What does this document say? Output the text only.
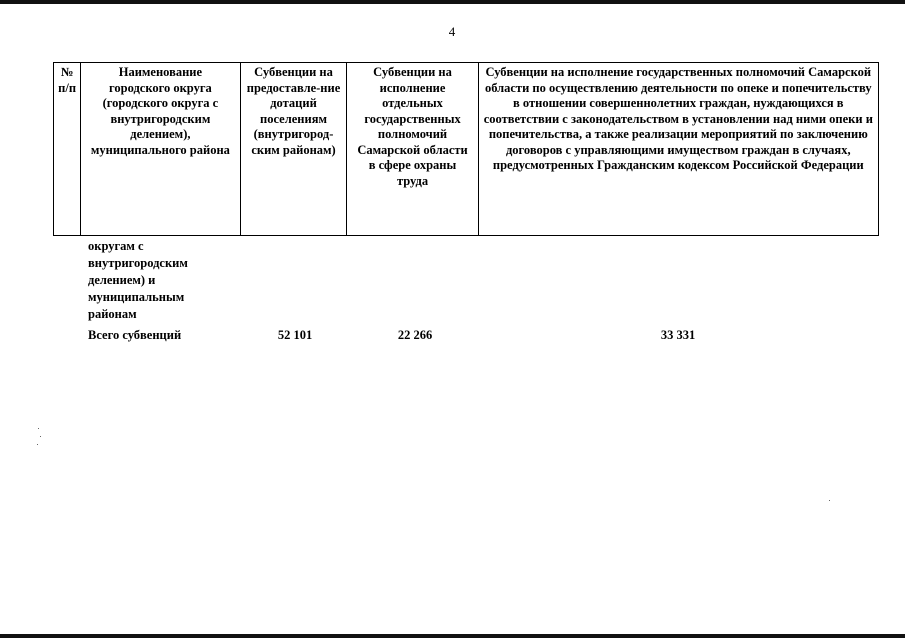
4
№
п/п	Наименование городского округа (городского округа с внутригородским делением), муниципального района	Субвенции на предоставле-ние дотаций поселениям (внутригород-ским районам)	Субвенции на исполнение отдельных государственных полномочий Самарской области в сфере охраны труда	Субвенции на исполнение государственных полномочий Самарской области по осуществлению деятельности по опеке и попечительству в отношении совершеннолетних граждан, нуждающихся в соответствии с законодательством в установлении над ними опеки и попечительства, а также реализации мероприятий по заключению договоров с управляющими имуществом граждан в случаях, предусмотренных Гражданским кодексом Российской Федерации
округам с
внутригородским
делением) и
муниципальным
районам
Всего субвенций	52 101	22 266	33 331
